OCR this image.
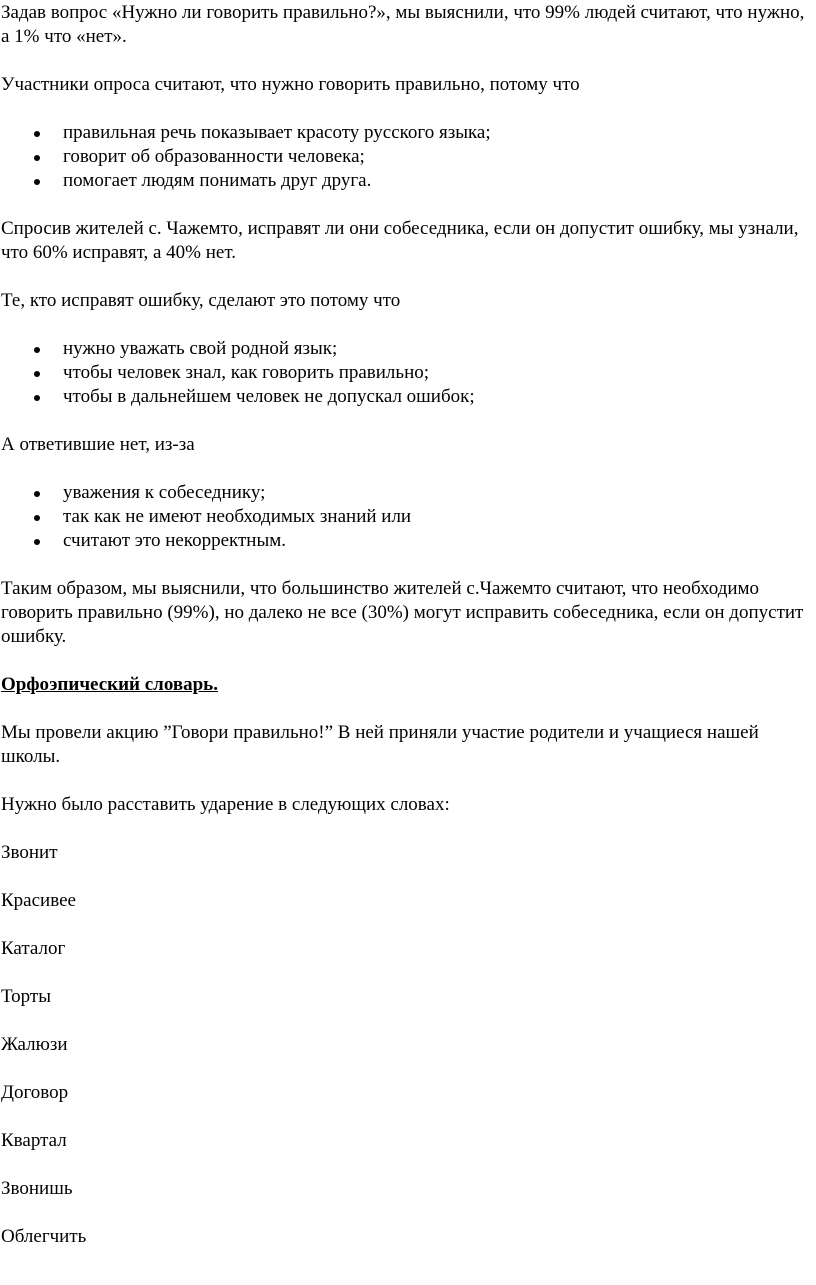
Задав вопрос «Нужно ли говорить правильно?», мы выяснили, что 99% людей считают, что нужно, а 1% что «нет».

Участники опроса считают, что нужно говорить правильно, потому что

правильная речь показывает красоту русского языка;
говорит об образованности человека;
помогает людям понимать друг друга.

Спросив жителей с. Чажемто, исправят ли они собеседника, если он допустит ошибку, мы узнали, что 60% исправят, а 40% нет.

Те, кто исправят ошибку, сделают это потому что

нужно уважать свой родной язык;
чтобы человек знал, как говорить правильно;
чтобы в дальнейшем человек не допускал ошибок;

А ответившие нет, из-за

уважения к собеседнику;
так как не имеют необходимых знаний или
считают это некорректным.

Таким образом, мы выяснили, что большинство жителей с.Чажемто считают, что необходимо говорить правильно (99%), но далеко не все (30%) могут исправить собеседника, если он допустит ошибку.

Орфоэпический словарь.

Мы провели акцию ”Говори правильно!” В ней приняли участие родители и учащиеся нашей школы.

Нужно было расставить ударение в следующих словах:

Звонит

Красивее

Каталог

Торты

Жалюзи

Договор

Квартал

Звонишь

Облегчить
